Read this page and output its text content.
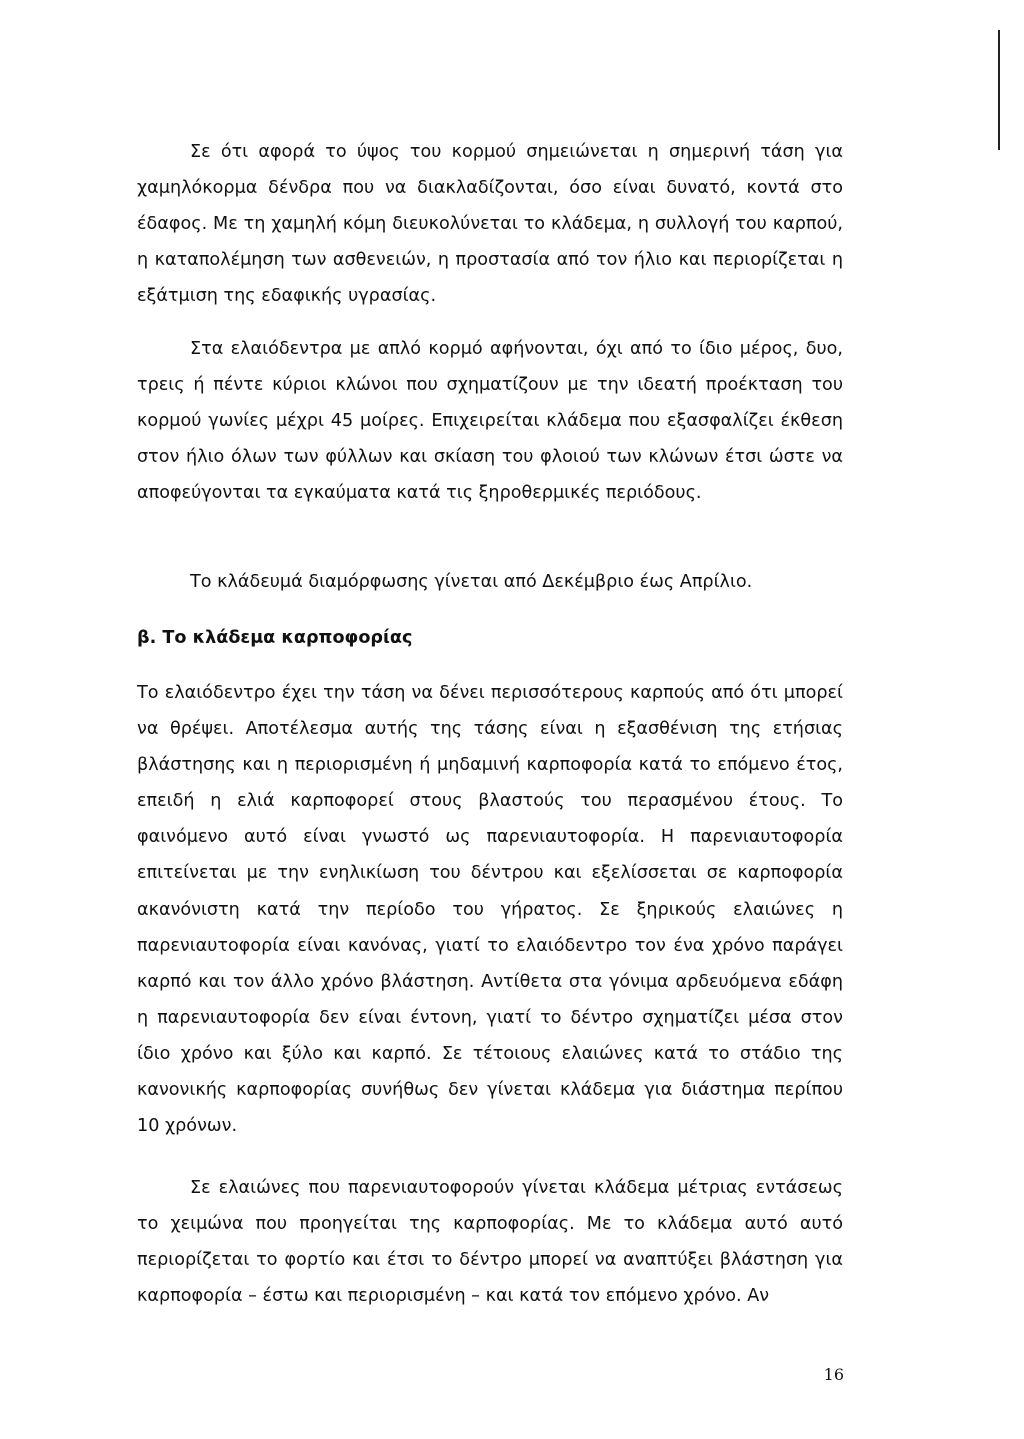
Σε ότι αφορά το ύψος του κορμού σημειώνεται η σημερινή τάση για χαμηλόκορμα δένδρα που να διακλαδίζονται, όσο είναι δυνατό, κοντά στο έδαφος. Με τη χαμηλή κόμη διευκολύνεται το κλάδεμα, η συλλογή του καρπού, η καταπολέμηση των ασθενειών, η προστασία από τον ήλιο και περιορίζεται η εξάτμιση της εδαφικής υγρασίας.

Στα ελαιόδεντρα με απλό κορμό αφήνονται, όχι από το ίδιο μέρος, δυο, τρεις ή πέντε κύριοι κλώνοι που σχηματίζουν με την ιδεατή προέκταση του κορμού γωνίες μέχρι 45 μοίρες. Επιχειρείται κλάδεμα που εξασφαλίζει έκθεση στον ήλιο όλων των φύλλων και σκίαση του φλοιού των κλώνων έτσι ώστε να αποφεύγονται τα εγκαύματα κατά τις ξηροθερμικές περιόδους.

Το κλάδευμά διαμόρφωσης γίνεται από Δεκέμβριο έως Απρίλιο.

β. Το κλάδεμα καρποφορίας

Το ελαιόδεντρο έχει την τάση να δένει περισσότερους καρπούς από ότι μπορεί να θρέψει. Αποτέλεσμα αυτής της τάσης είναι η εξασθένιση της ετήσιας βλάστησης και η περιορισμένη ή μηδαμινή καρποφορία κατά το επόμενο έτος, επειδή η ελιά καρποφορεί στους βλαστούς του περασμένου έτους. Το φαινόμενο αυτό είναι γνωστό ως παρενιαυτοφορία. Η παρενιαυτοφορία επιτείνεται με την ενηλικίωση του δέντρου και εξελίσσεται σε καρποφορία ακανόνιστη κατά την περίοδο του γήρατος. Σε ξηρικούς ελαιώνες η παρενιαυτοφορία είναι κανόνας, γιατί το ελαιόδεντρο τον ένα χρόνο παράγει καρπό και τον άλλο χρόνο βλάστηση. Αντίθετα στα γόνιμα αρδευόμενα εδάφη η παρενιαυτοφορία δεν είναι έντονη, γιατί το δέντρο σχηματίζει μέσα στον ίδιο χρόνο και ξύλο και καρπό. Σε τέτοιους ελαιώνες κατά το στάδιο της κανονικής καρποφορίας συνήθως δεν γίνεται κλάδεμα για διάστημα περίπου 10 χρόνων.

Σε ελαιώνες που παρενιαυτοφορούν γίνεται κλάδεμα μέτριας εντάσεως το χειμώνα που προηγείται της καρποφορίας. Με το κλάδεμα αυτό αυτό περιορίζεται το φορτίο και έτσι το δέντρο μπορεί να αναπτύξει βλάστηση για καρποφορία – έστω και περιορισμένη – και κατά τον επόμενο χρόνο. Αν

16
